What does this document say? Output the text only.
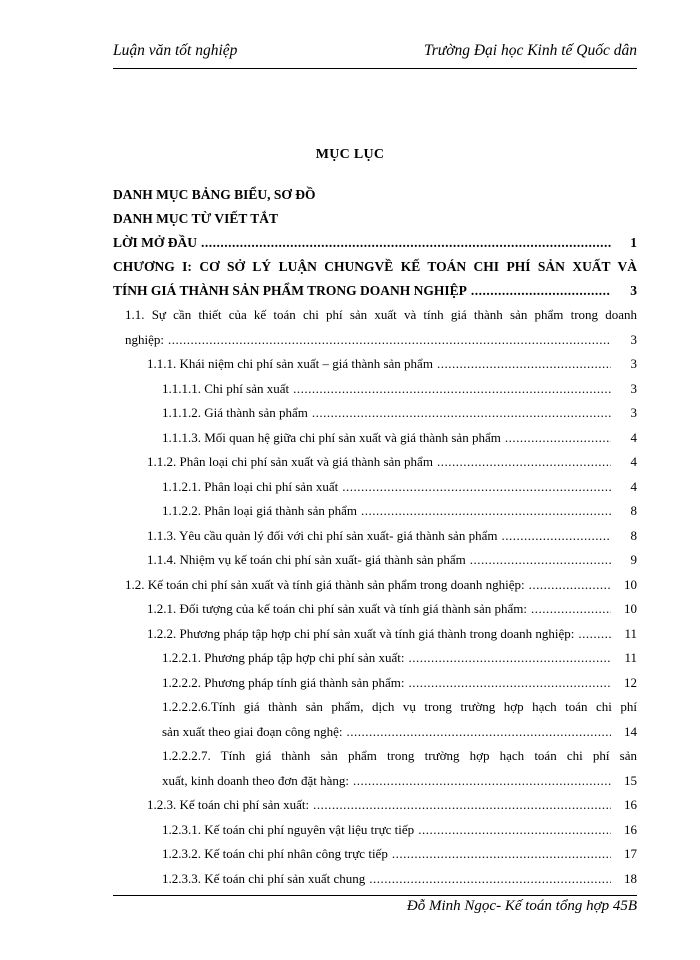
Luận văn tốt nghiệp	Trường Đại học Kinh tế Quốc dân
MỤC LỤC
DANH MỤC BẢNG BIỂU, SƠ ĐỒ
DANH MỤC TỪ VIẾT TẮT
LỜI MỞ ĐẦU .....	1
CHƯƠNG I: CƠ SỞ LÝ LUẬN CHUNGVỀ KẾ TOÁN CHI PHÍ SẢN XUẤT VÀ
TÍNH GIÁ THÀNH SẢN PHẨM TRONG DOANH NGHIỆP .....	3
1.1. Sự cần thiết của kế toán chi phí sản xuất và tính giá thành sản phẩm trong doanh
nghiệp: .....	3
1.1.1. Khái niệm chi phí sản xuất – giá thành sản phẩm .....	3
1.1.1.1. Chi phí sản xuất .....	3
1.1.1.2. Giá thành sản phẩm .....	3
1.1.1.3. Mối quan hệ giữa chi phí sản xuất và giá thành sản phẩm .....	4
1.1.2. Phân loại chi phí sản xuất và giá thành sản phẩm .....	4
1.1.2.1. Phân loại chi phí sản xuất .....	4
1.1.2.2. Phân loại giá thành sản phẩm .....	8
1.1.3. Yêu cầu quản lý đối với chi phí sản xuất- giá thành sản phẩm .....	8
1.1.4. Nhiệm vụ kế toán chi phí sản xuất- giá thành sản phẩm .....	9
1.2. Kế toán chi phí sản xuất và tính giá thành sản phẩm trong doanh nghiệp: .....	10
1.2.1. Đối tượng của kế toán chi phí sản xuất và tính giá thành sản phẩm: .....	10
1.2.2. Phương pháp tập hợp chi phí sản xuất và tính giá thành trong doanh nghiệp: .....	11
1.2.2.1. Phương pháp tập hợp chi phí sản xuất: .....	11
1.2.2.2. Phương pháp tính giá thành sản phẩm: .....	12
1.2.2.2.6.Tính giá thành sản phẩm, dịch vụ trong trường hợp hạch toán chi phí
sản xuất theo giai đoạn công nghệ: .....	14
1.2.2.2.7. Tính giá thành sản phẩm trong trường hợp hạch toán chi phí sản
xuất, kinh doanh theo đơn đặt hàng: .....	15
1.2.3. Kế toán chi phí sản xuất: .....	16
1.2.3.1. Kế toán chi phí nguyên vật liệu trực tiếp .....	16
1.2.3.2. Kế toán chi phí nhân công trực tiếp .....	17
1.2.3.3. Kế toán chi phí sản xuất chung .....	18
Đỗ Minh Ngọc- Kế toán tổng hợp 45B
